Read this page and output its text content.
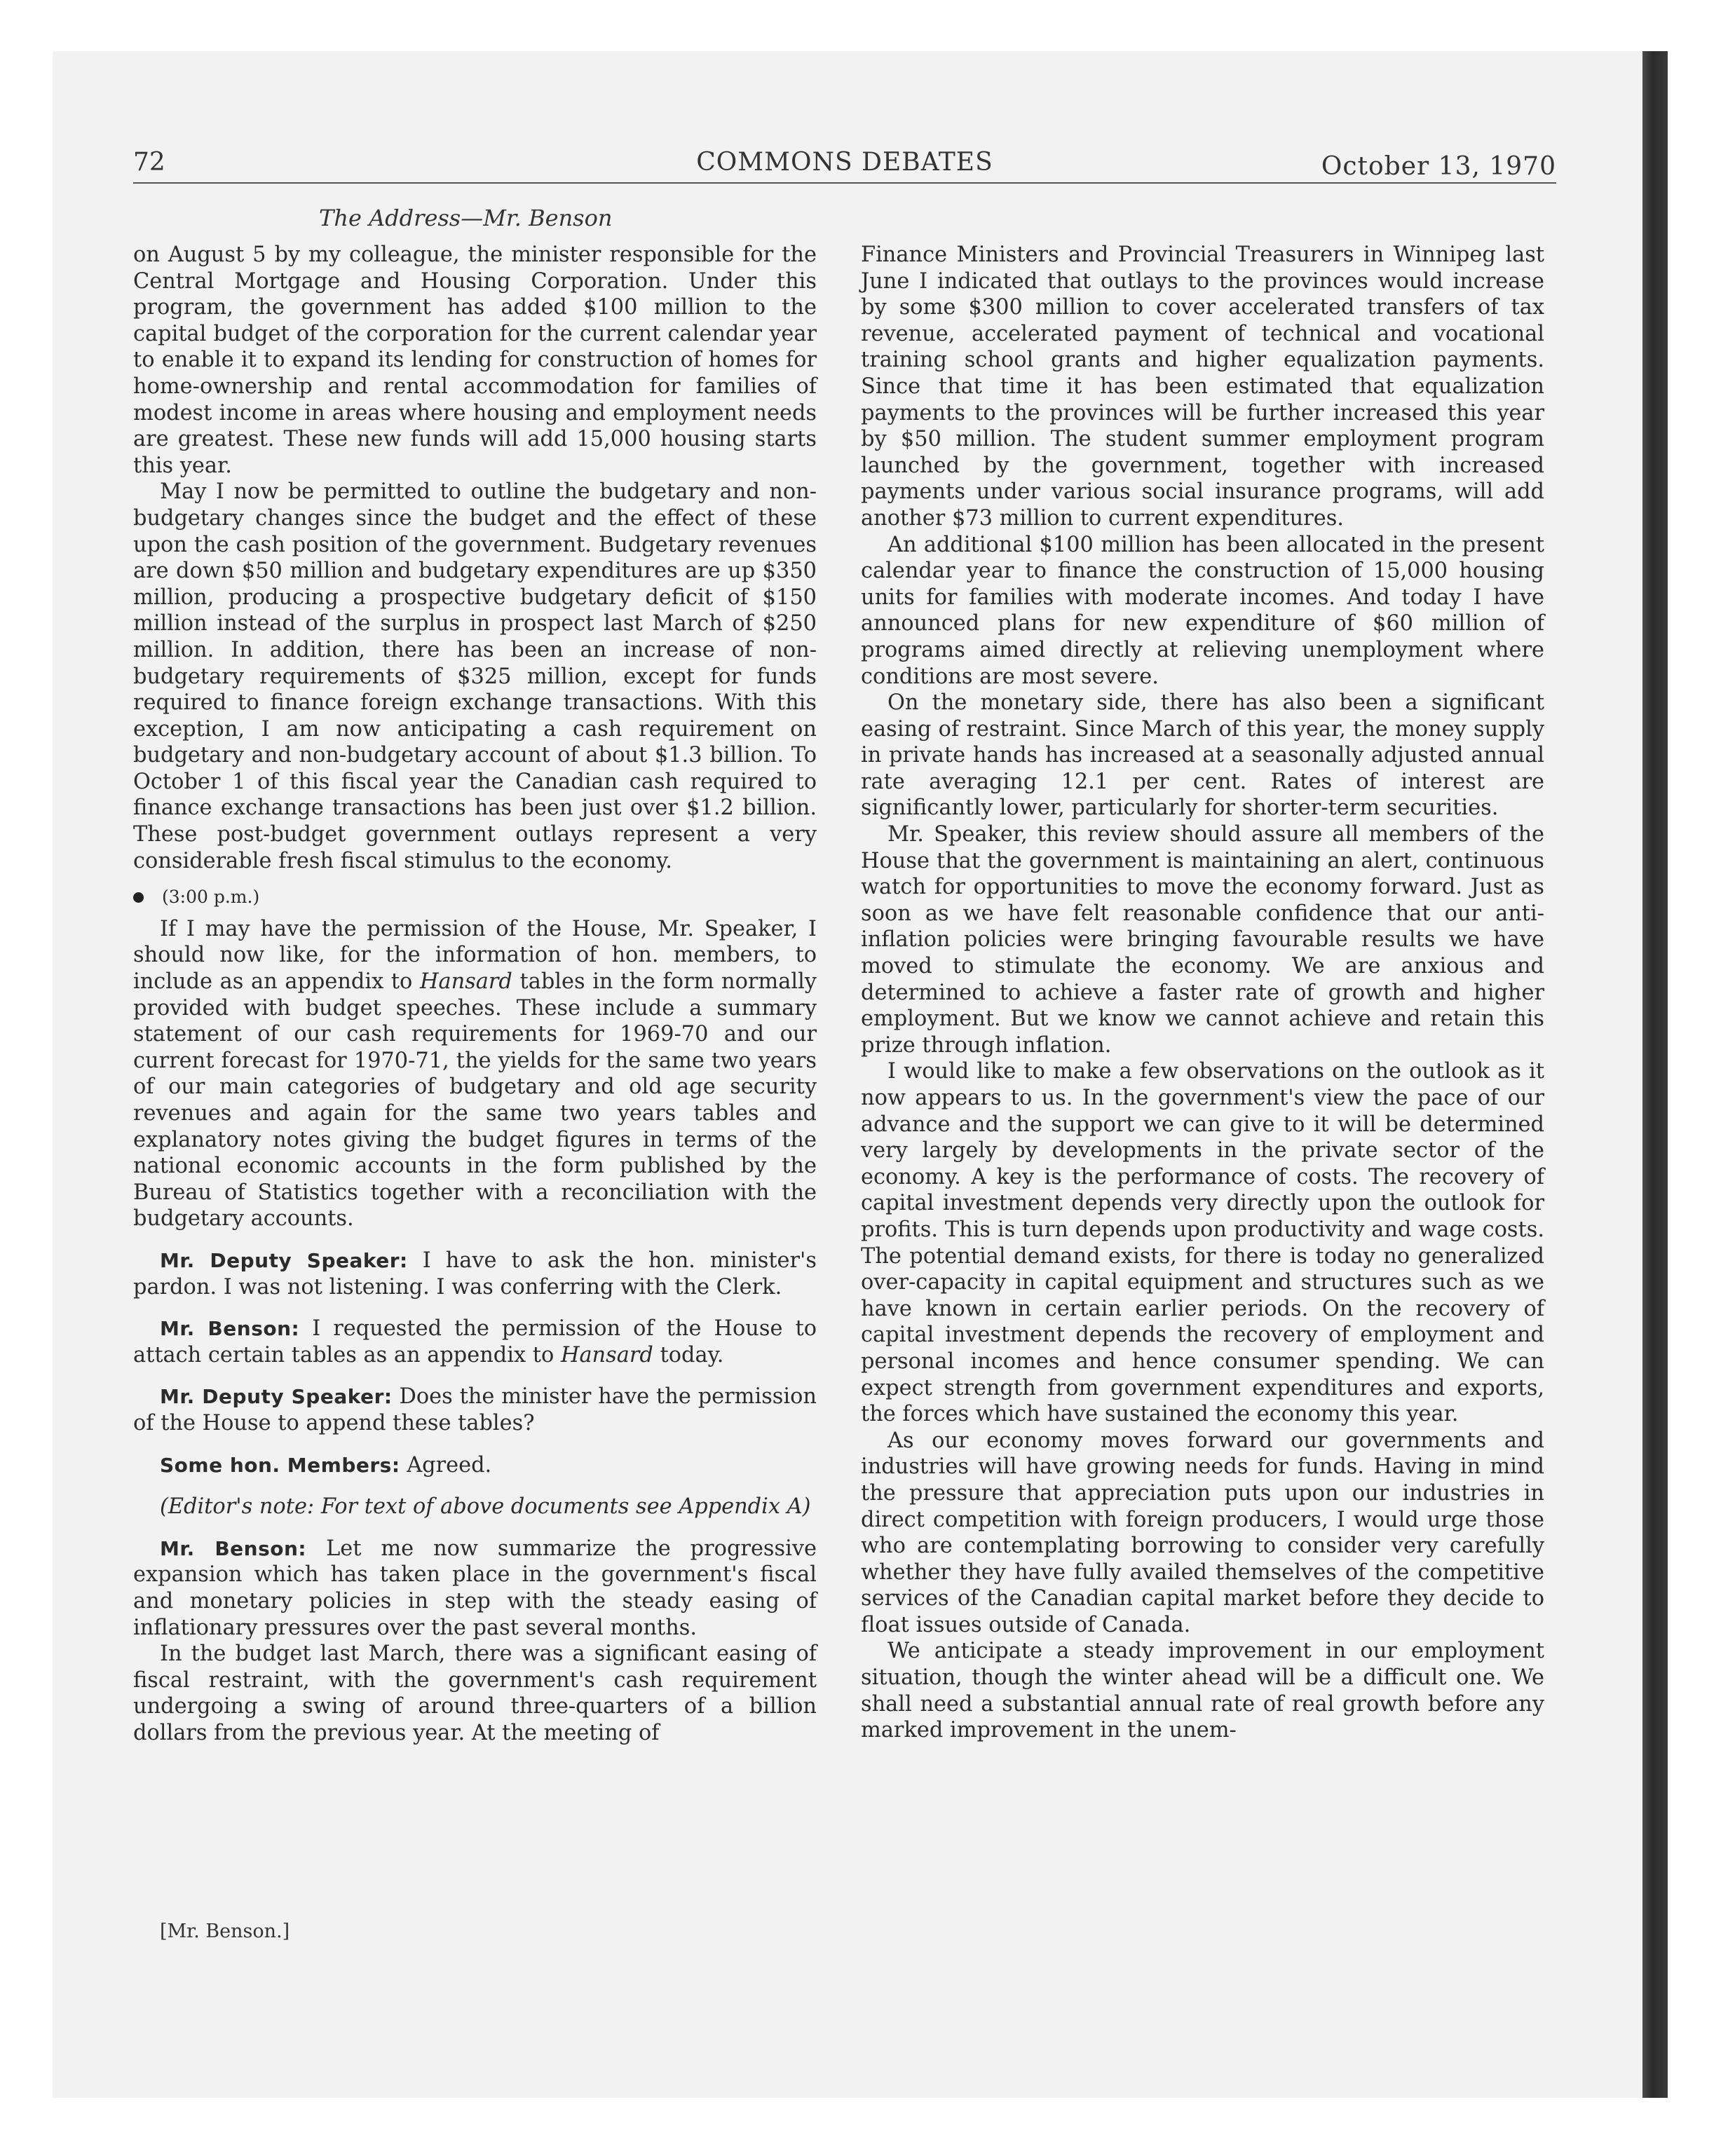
72	COMMONS DEBATES	October 13, 1970
The Address—Mr. Benson

on August 5 by my colleague, the minister responsible for the Central Mortgage and Housing Corporation. Under this program, the government has added $100 million to the capital budget of the corporation for the current calendar year to enable it to expand its lending for construction of homes for home-ownership and rental accommodation for families of modest income in areas where housing and employment needs are greatest. These new funds will add 15,000 housing starts this year.

May I now be permitted to outline the budgetary and non-budgetary changes since the budget and the effect of these upon the cash position of the government. Budgetary revenues are down $50 million and budgetary expenditures are up $350 million, producing a prospective budgetary deficit of $150 million instead of the surplus in prospect last March of $250 million. In addition, there has been an increase of non-budgetary requirements of $325 million, except for funds required to finance foreign exchange transactions. With this exception, I am now anticipating a cash requirement on budgetary and non-budgetary account of about $1.3 billion. To October 1 of this fiscal year the Canadian cash required to finance exchange transactions has been just over $1.2 billion. These post-budget government outlays represent a very considerable fresh fiscal stimulus to the economy.

(3:00 p.m.)

If I may have the permission of the House, Mr. Speaker, I should now like, for the information of hon. members, to include as an appendix to Hansard tables in the form normally provided with budget speeches. These include a summary statement of our cash requirements for 1969-70 and our current forecast for 1970-71, the yields for the same two years of our main categories of budgetary and old age security revenues and again for the same two years tables and explanatory notes giving the budget figures in terms of the national economic accounts in the form published by the Bureau of Statistics together with a reconciliation with the budgetary accounts.

Mr. Deputy Speaker: I have to ask the hon. minister's pardon. I was not listening. I was conferring with the Clerk.

Mr. Benson: I requested the permission of the House to attach certain tables as an appendix to Hansard today.

Mr. Deputy Speaker: Does the minister have the permission of the House to append these tables?

Some hon. Members: Agreed.

(Editor's note: For text of above documents see Appendix A)

Mr. Benson: Let me now summarize the progressive expansion which has taken place in the government's fiscal and monetary policies in step with the steady easing of inflationary pressures over the past several months.

In the budget last March, there was a significant easing of fiscal restraint, with the government's cash requirement undergoing a swing of around three-quarters of a billion dollars from the previous year. At the meeting of

Finance Ministers and Provincial Treasurers in Winnipeg last June I indicated that outlays to the provinces would increase by some $300 million to cover accelerated transfers of tax revenue, accelerated payment of technical and vocational training school grants and higher equalization payments. Since that time it has been estimated that equalization payments to the provinces will be further increased this year by $50 million. The student summer employment program launched by the government, together with increased payments under various social insurance programs, will add another $73 million to current expenditures.

An additional $100 million has been allocated in the present calendar year to finance the construction of 15,000 housing units for families with moderate incomes. And today I have announced plans for new expenditure of $60 million of programs aimed directly at relieving unemployment where conditions are most severe.

On the monetary side, there has also been a significant easing of restraint. Since March of this year, the money supply in private hands has increased at a seasonally adjusted annual rate averaging 12.1 per cent. Rates of interest are significantly lower, particularly for shorter-term securities.

Mr. Speaker, this review should assure all members of the House that the government is maintaining an alert, continuous watch for opportunities to move the economy forward. Just as soon as we have felt reasonable confidence that our anti-inflation policies were bringing favourable results we have moved to stimulate the economy. We are anxious and determined to achieve a faster rate of growth and higher employment. But we know we cannot achieve and retain this prize through inflation.

I would like to make a few observations on the outlook as it now appears to us. In the government's view the pace of our advance and the support we can give to it will be determined very largely by developments in the private sector of the economy. A key is the performance of costs. The recovery of capital investment depends very directly upon the outlook for profits. This is turn depends upon productivity and wage costs. The potential demand exists, for there is today no generalized over-capacity in capital equipment and structures such as we have known in certain earlier periods. On the recovery of capital investment depends the recovery of employment and personal incomes and hence consumer spending. We can expect strength from government expenditures and exports, the forces which have sustained the economy this year.

As our economy moves forward our governments and industries will have growing needs for funds. Having in mind the pressure that appreciation puts upon our industries in direct competition with foreign producers, I would urge those who are contemplating borrowing to consider very carefully whether they have fully availed themselves of the competitive services of the Canadian capital market before they decide to float issues outside of Canada.

We anticipate a steady improvement in our employment situation, though the winter ahead will be a difficult one. We shall need a substantial annual rate of real growth before any marked improvement in the unem-

[Mr. Benson.]
